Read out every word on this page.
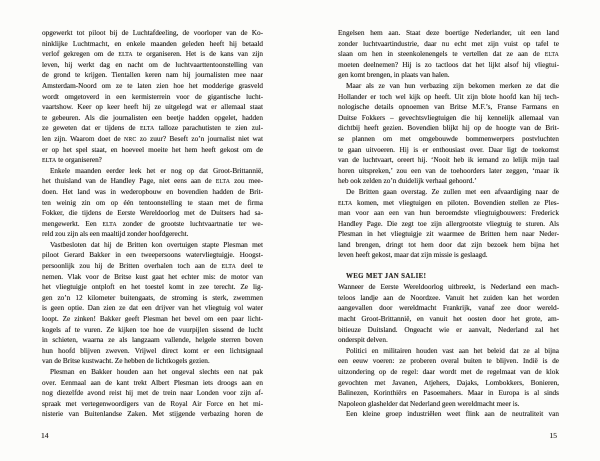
opgewerkt tot piloot bij de Luchtafdeeling, de voorloper van de Ko-
ninklijke Luchtmacht, en enkele maanden geleden heeft hij betaald
verlof gekregen om de ELTA te organiseren. Het is de kans van zijn
leven, hij werkt dag en nacht om de luchtvaarttentoonstelling van
de grond te krijgen. Tientallen keren nam hij journalisten mee naar
Amsterdam-Noord om ze te laten zien hoe het modderige grasveld
wordt omgetoverd in een kermisterrein voor de gigantische lucht-
vaartshow. Keer op keer heeft hij ze uitgelegd wat er allemaal staat
te gebeuren. Als die journalisten een beetje hadden opgelet, hadden
ze geweten dat er tijdens de ELTA talloze parachutisten te zien zul-
len zijn. Waarom doet de NRC zo zuur? Beseft zo’n journalist niet wat
er op het spel staat, en hoeveel moeite het hem heeft gekost om de
ELTA te organiseren?
Enkele maanden eerder leek het er nog op dat Groot-Brittannië,
het thuisland van de Handley Page, niet eens aan de ELTA zou mee-
doen. Het land was in wederopbouw en bovendien hadden de Brit-
ten weinig zin om op één tentoonstelling te staan met de firma
Fokker, die tijdens de Eerste Wereldoorlog met de Duitsers had sa-
mengewerkt. Een ELTA zonder de grootste luchtvaartnatie ter we-
reld zou zijn als een maaltijd zonder hoofdgerecht.
Vastbesloten dat hij de Britten kon overtuigen stapte Plesman met
piloot Gerard Bakker in een tweepersoons watervliegtuigje. Hoogst-
persoonlijk zou hij de Britten overhalen toch aan de ELTA deel te
nemen. Vlak voor de Britse kust gaat het echter mis: de motor van
het vliegtuigje ontploft en het toestel komt in zee terecht. Ze lig-
gen zo’n 12 kilometer buitengaats, de stroming is sterk, zwemmen
is geen optie. Dan zien ze dat een drijver van het vliegtuig vol water
loopt. Ze zinken! Bakker geeft Plesman het bevel om een paar licht-
kogels af te vuren. Ze kijken toe hoe de vuurpijlen sissend de lucht
in schieten, waarna ze als langzaam vallende, helgele sterren boven
hun hoofd blijven zweven. Vrijwel direct komt er een lichtsignaal
van de Britse kustwacht. Ze hebben de lichtkogels gezien.
Plesman en Bakker houden aan het ongeval slechts een nat pak
over. Eenmaal aan de kant trekt Albert Plesman iets droogs aan en
nog diezelfde avond reist hij met de trein naar Londen voor zijn af-
spraak met vertegenwoordigers van de Royal Air Force en het mi-
nisterie van Buitenlandse Zaken. Met stijgende verbazing horen de
Engelsen hem aan. Staat deze boertige Nederlander, uit een land
zonder luchtvaartindustrie, daar nu echt met zijn vuist op tafel te
slaan om hen in steenkolenengels te vertellen dat ze aan de ELTA
moeten deelnemen? Hij is zo tactloos dat het lijkt alsof hij vliegtui-
gen komt brengen, in plaats van halen.
Maar als ze van hun verbazing zijn bekomen merken ze dat die
Hollander er toch wel kijk op heeft. Uit zijn blote hoofd kan hij tech-
nologische details opnoemen van Britse M.F.’s, Franse Farmans en
Duitse Fokkers – gevechtsvliegtuigen die hij kennelijk allemaal van
dichtbij heeft gezien. Bovendien blijkt hij op de hoogte van de Brit-
se plannen om met omgebouwde bommenwerpers postvluchten
te gaan uitvoeren. Hij is er enthousiast over. Daar ligt de toekomst
van de luchtvaart, oreert hij. ‘Nooit heb ik iemand zo lelijk mijn taal
horen uitspreken,’ zou een van de toehoorders later zeggen, ‘maar ik
heb ook zelden zo’n duidelijk verhaal gehoord.’
De Britten gaan overstag. Ze zullen met een afvaardiging naar de
ELTA komen, met vliegtuigen en piloten. Bovendien stellen ze Ples-
man voor aan een van hun beroemdste vliegtuigbouwers: Frederick
Handley Page. Die zegt toe zijn allergrootste vliegtuig te sturen. Als
Plesman in het vliegtuigje zit waarmee de Britten hem naar Neder-
land brengen, dringt tot hem door dat zijn bezoek hem bijna het
leven heeft gekost, maar dat zijn missie is geslaagd.
WEG MET JAN SALIE!
Wanneer de Eerste Wereldoorlog uitbreekt, is Nederland een mach-
teloos landje aan de Noordzee. Vanuit het zuiden kan het worden
aangevallen door wereldmacht Frankrijk, vanaf zee door wereld-
macht Groot-Brittannië, en vanuit het oosten door het grote, am-
bitieuze Duitsland. Ongeacht wie er aanvalt, Nederland zal het
onderspit delven.
Politici en militairen houden vast aan het beleid dat ze al bijna
een eeuw voeren: ze proberen overal buiten te blijven. Indië is de
uitzondering op de regel: daar wordt met de regelmaat van de klok
gevochten met Javanen, Atjehers, Dajaks, Lombokkers, Bonieren,
Balinezen, Korinthiërs en Pasoemahers. Maar in Europa is al sinds
Napoleon glashelder dat Nederland geen wereldmacht meer is.
Een kleine groep industriëlen weet flink aan de neutraliteit van
14	15
